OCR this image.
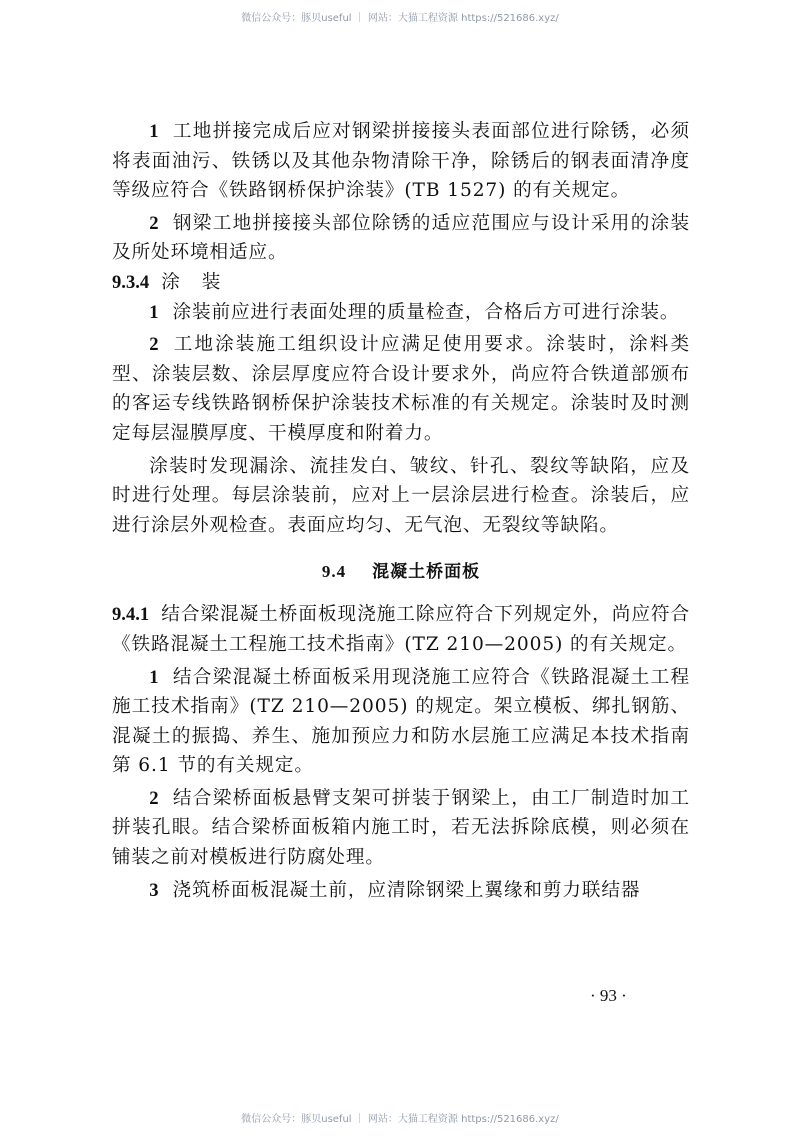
微信公众号：豚贝useful ｜ 网站：大猫工程资源 https://521686.xyz/

1 工地拼接完成后应对钢梁拼接接头表面部位进行除锈，必须将表面油污、铁锈以及其他杂物清除干净，除锈后的钢表面清净度等级应符合《铁路钢桥保护涂装》(TB 1527) 的有关规定。

2 钢梁工地拼接接头部位除锈的适应范围应与设计采用的涂装及所处环境相适应。

9.3.4 涂装

1 涂装前应进行表面处理的质量检查，合格后方可进行涂装。

2 工地涂装施工组织设计应满足使用要求。涂装时，涂料类型、涂装层数、涂层厚度应符合设计要求外，尚应符合铁道部颁布的客运专线铁路钢桥保护涂装技术标准的有关规定。涂装时及时测定每层湿膜厚度、干模厚度和附着力。

涂装时发现漏涂、流挂发白、皱纹、针孔、裂纹等缺陷，应及时进行处理。每层涂装前，应对上一层涂层进行检查。涂装后，应进行涂层外观检查。表面应均匀、无气泡、无裂纹等缺陷。

9.4 混凝土桥面板

9.4.1 结合梁混凝土桥面板现浇施工除应符合下列规定外，尚应符合《铁路混凝土工程施工技术指南》(TZ 210—2005) 的有关规定。

1 结合梁混凝土桥面板采用现浇施工应符合《铁路混凝土工程施工技术指南》(TZ 210—2005) 的规定。架立模板、绑扎钢筋、混凝土的振捣、养生、施加预应力和防水层施工应满足本技术指南第 6.1 节的有关规定。

2 结合梁桥面板悬臂支架可拼装于钢梁上，由工厂制造时加工拼装孔眼。结合梁桥面板箱内施工时，若无法拆除底模，则必须在铺装之前对模板进行防腐处理。

3 浇筑桥面板混凝土前，应清除钢梁上翼缘和剪力联结器

· 93 ·
微信公众号：豚贝useful ｜ 网站：大猫工程资源 https://521686.xyz/
